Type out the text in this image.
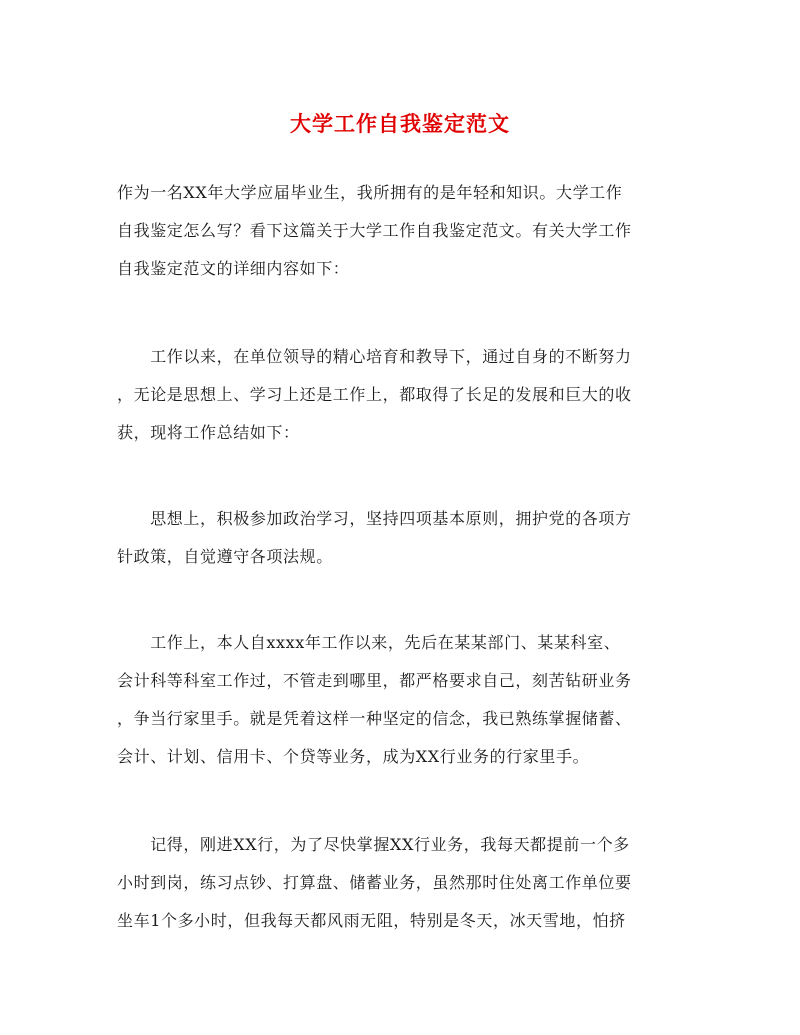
大学工作自我鉴定范文
作为一名XX年大学应届毕业生，我所拥有的是年轻和知识。大学工作
自我鉴定怎么写？看下这篇关于大学工作自我鉴定范文。有关大学工作
自我鉴定范文的详细内容如下：
　　工作以来，在单位领导的精心培育和教导下，通过自身的不断努力
，无论是思想上、学习上还是工作上，都取得了长足的发展和巨大的收
获，现将工作总结如下：
　　思想上，积极参加政治学习，坚持四项基本原则，拥护党的各项方
针政策，自觉遵守各项法规。
　　工作上，本人自xxxx年工作以来，先后在某某部门、某某科室、
会计科等科室工作过，不管走到哪里，都严格要求自己，刻苦钻研业务
，争当行家里手。就是凭着这样一种坚定的信念，我已熟练掌握储蓄、
会计、计划、信用卡、个贷等业务，成为XX行业务的行家里手。
　　记得，刚进XX行，为了尽快掌握XX行业务，我每天都提前一个多
小时到岗，练习点钞、打算盘、储蓄业务，虽然那时住处离工作单位要
坐车1个多小时，但我每天都风雨无阻，特别是冬天，冰天雪地，怕挤
